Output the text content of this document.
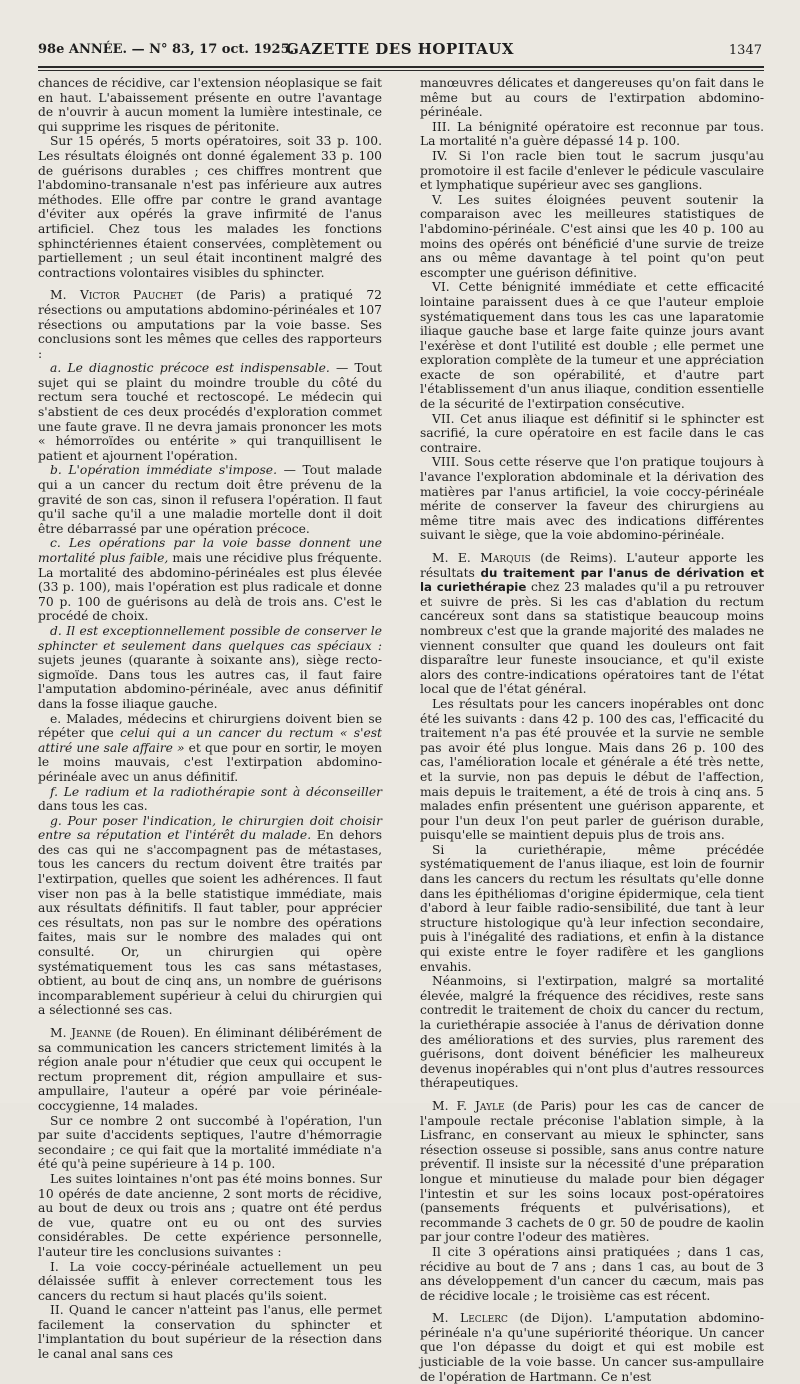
98e ANNÉE. — N° 83, 17 oct. 1925.
GAZETTE DES HOPITAUX	1347

chances de récidive, car l'extension néoplasique se fait en haut. L'abaissement présente en outre l'avantage de n'ouvrir à aucun moment la lumière intestinale, ce qui supprime les risques de péritonite.

Sur 15 opérés, 5 morts opératoires, soit 33 p. 100. Les résultats éloignés ont donné également 33 p. 100 de guérisons durables ; ces chiffres montrent que l'abdomino-transanale n'est pas inférieure aux autres méthodes. Elle offre par contre le grand avantage d'éviter aux opérés la grave infirmité de l'anus artificiel. Chez tous les malades les fonctions sphinctériennes étaient conservées, complètement ou partiellement ; un seul était incontinent malgré des contractions volontaires visibles du sphincter.

M. Victor Pauchet (de Paris) a pratiqué 72 résections ou amputations abdomino-périnéales et 107 résections ou amputations par la voie basse. Ses conclusions sont les mêmes que celles des rapporteurs :

a. Le diagnostic précoce est indispensable. — Tout sujet qui se plaint du moindre trouble du côté du rectum sera touché et rectoscopé. Le médecin qui s'abstient de ces deux procédés d'exploration commet une faute grave. Il ne devra jamais prononcer les mots « hémorroïdes ou entérite » qui tranquillisent le patient et ajournent l'opération.

b. L'opération immédiate s'impose. — Tout malade qui a un cancer du rectum doit être prévenu de la gravité de son cas, sinon il refusera l'opération. Il faut qu'il sache qu'il a une maladie mortelle dont il doit être débarrassé par une opération précoce.

c. Les opérations par la voie basse donnent une mortalité plus faible, mais une récidive plus fréquente. La mortalité des abdomino-périnéales est plus élevée (33 p. 100), mais l'opération est plus radicale et donne 70 p. 100 de guérisons au delà de trois ans. C'est le procédé de choix.

d. Il est exceptionnellement possible de conserver le sphincter et seulement dans quelques cas spéciaux : sujets jeunes (quarante à soixante ans), siège recto-sigmoïde. Dans tous les autres cas, il faut faire l'amputation abdomino-périnéale, avec anus définitif dans la fosse iliaque gauche.

e. Malades, médecins et chirurgiens doivent bien se répéter que celui qui a un cancer du rectum « s'est attiré une sale affaire » et que pour en sortir, le moyen le moins mauvais, c'est l'extirpation abdomino-périnéale avec un anus définitif.

f. Le radium et la radiothérapie sont à déconseiller dans tous les cas.

g. Pour poser l'indication, le chirurgien doit choisir entre sa réputation et l'intérêt du malade. En dehors des cas qui ne s'accompagnent pas de métastases, tous les cancers du rectum doivent être traités par l'extirpation, quelles que soient les adhérences. Il faut viser non pas à la belle statistique immédiate, mais aux résultats définitifs. Il faut tabler, pour apprécier ces résultats, non pas sur le nombre des opérations faites, mais sur le nombre des malades qui ont consulté. Or, un chirurgien qui opère systématiquement tous les cas sans métastases, obtient, au bout de cinq ans, un nombre de guérisons incomparablement supérieur à celui du chirurgien qui a sélectionné ses cas.

M. Jeanne (de Rouen). En éliminant délibérément de sa communication les cancers strictement limités à la région anale pour n'étudier que ceux qui occupent le rectum proprement dit, région ampullaire et sus-ampullaire, l'auteur a opéré par voie périnéale-coccygienne, 14 malades.

Sur ce nombre 2 ont succombé à l'opération, l'un par suite d'accidents septiques, l'autre d'hémorragie secondaire ; ce qui fait que la mortalité immédiate n'a été qu'à peine supérieure à 14 p. 100.

Les suites lointaines n'ont pas été moins bonnes. Sur 10 opérés de date ancienne, 2 sont morts de récidive, au bout de deux ou trois ans ; quatre ont été perdus de vue, quatre ont eu ou ont des survies considérables. De cette expérience personnelle, l'auteur tire les conclusions suivantes :

I. La voie coccy-périnéale actuellement un peu délaissée suffit à enlever correctement tous les cancers du rectum si haut placés qu'ils soient.

II. Quand le cancer n'atteint pas l'anus, elle permet facilement la conservation du sphincter et l'implantation du bout supérieur de la résection dans le canal anal sans ces

manœuvres délicates et dangereuses qu'on fait dans le même but au cours de l'extirpation abdomino-périnéale.

III. La bénignité opératoire est reconnue par tous. La mortalité n'a guère dépassé 14 p. 100.

IV. Si l'on racle bien tout le sacrum jusqu'au promotoire il est facile d'enlever le pédicule vasculaire et lymphatique supérieur avec ses ganglions.

V. Les suites éloignées peuvent soutenir la comparaison avec les meilleures statistiques de l'abdomino-périnéale. C'est ainsi que les 40 p. 100 au moins des opérés ont bénéficié d'une survie de treize ans ou même davantage à tel point qu'on peut escompter une guérison définitive.

VI. Cette bénignité immédiate et cette efficacité lointaine paraissent dues à ce que l'auteur emploie systématiquement dans tous les cas une laparatomie iliaque gauche base et large faite quinze jours avant l'exérèse et dont l'utilité est double ; elle permet une exploration complète de la tumeur et une appréciation exacte de son opérabilité, et d'autre part l'établissement d'un anus iliaque, condition essentielle de la sécurité de l'extirpation consécutive.

VII. Cet anus iliaque est définitif si le sphincter est sacrifié, la cure opératoire en est facile dans le cas contraire.

VIII. Sous cette réserve que l'on pratique toujours à l'avance l'exploration abdominale et la dérivation des matières par l'anus artificiel, la voie coccy-périnéale mérite de conserver la faveur des chirurgiens au même titre mais avec des indications différentes suivant le siège, que la voie abdomino-périnéale.

M. E. Marquis (de Reims). L'auteur apporte les résultats du traitement par l'anus de dérivation et la curiethérapie chez 23 malades qu'il a pu retrouver et suivre de près. Si les cas d'ablation du rectum cancéreux sont dans sa statistique beaucoup moins nombreux c'est que la grande majorité des malades ne viennent consulter que quand les douleurs ont fait disparaître leur funeste insouciance, et qu'il existe alors des contre-indications opératoires tant de l'état local que de l'état général.

Les résultats pour les cancers inopérables ont donc été les suivants : dans 42 p. 100 des cas, l'efficacité du traitement n'a pas été prouvée et la survie ne semble pas avoir été plus longue. Mais dans 26 p. 100 des cas, l'amélioration locale et générale a été très nette, et la survie, non pas depuis le début de l'affection, mais depuis le traitement, a été de trois à cinq ans. 5 malades enfin présentent une guérison apparente, et pour l'un deux l'on peut parler de guérison durable, puisqu'elle se maintient depuis plus de trois ans.

Si la curiethérapie, même précédée systématiquement de l'anus iliaque, est loin de fournir dans les cancers du rectum les résultats qu'elle donne dans les épithéliomas d'origine épidermique, cela tient d'abord à leur faible radio-sensibilité, due tant à leur structure histologique qu'à leur infection secondaire, puis à l'inégalité des radiations, et enfin à la distance qui existe entre le foyer radifère et les ganglions envahis.

Néanmoins, si l'extirpation, malgré sa mortalité élevée, malgré la fréquence des récidives, reste sans contredit le traitement de choix du cancer du rectum, la curiethérapie associée à l'anus de dérivation donne des améliorations et des survies, plus rarement des guérisons, dont doivent bénéficier les malheureux devenus inopérables qui n'ont plus d'autres ressources thérapeutiques.

M. F. Jayle (de Paris) pour les cas de cancer de l'ampoule rectale préconise l'ablation simple, à la Lisfranc, en conservant au mieux le sphincter, sans résection osseuse si possible, sans anus contre nature préventif. Il insiste sur la nécessité d'une préparation longue et minutieuse du malade pour bien dégager l'intestin et sur les soins locaux post-opératoires (pansements fréquents et pulvérisations), et recommande 3 cachets de 0 gr. 50 de poudre de kaolin par jour contre l'odeur des matières.

Il cite 3 opérations ainsi pratiquées ; dans 1 cas, récidive au bout de 7 ans ; dans 1 cas, au bout de 3 ans développement d'un cancer du cæcum, mais pas de récidive locale ; le troisième cas est récent.

M. Leclerc (de Dijon). L'amputation abdomino-périnéale n'a qu'une supériorité théorique. Un cancer que l'on dépasse du doigt et qui est mobile est justiciable de la voie basse. Un cancer sus-ampullaire de l'opération de Hartmann. Ce n'est
